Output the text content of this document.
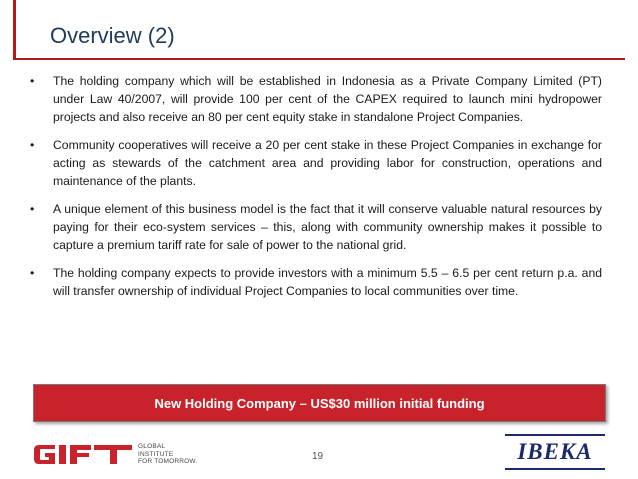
Overview (2)
• The holding company which will be established in Indonesia as a Private Company Limited (PT) under Law 40/2007, will provide 100 per cent of the CAPEX required to launch mini hydropower projects and also receive an 80 per cent equity stake in standalone Project Companies.
• Community cooperatives will receive a 20 per cent stake in these Project Companies in exchange for acting as stewards of the catchment area and providing labor for construction, operations and maintenance of the plants.
• A unique element of this business model is the fact that it will conserve valuable natural resources by paying for their eco-system services – this, along with community ownership makes it possible to capture a premium tariff rate for sale of power to the national grid.
• The holding company expects to provide investors with a minimum 5.5 – 6.5 per cent return p.a. and will transfer ownership of individual Project Companies to local communities over time.
New Holding Company – US$30 million initial funding
GLOBAL
INSTITUTE
FOR TOMORROW.	19	IBEKA
